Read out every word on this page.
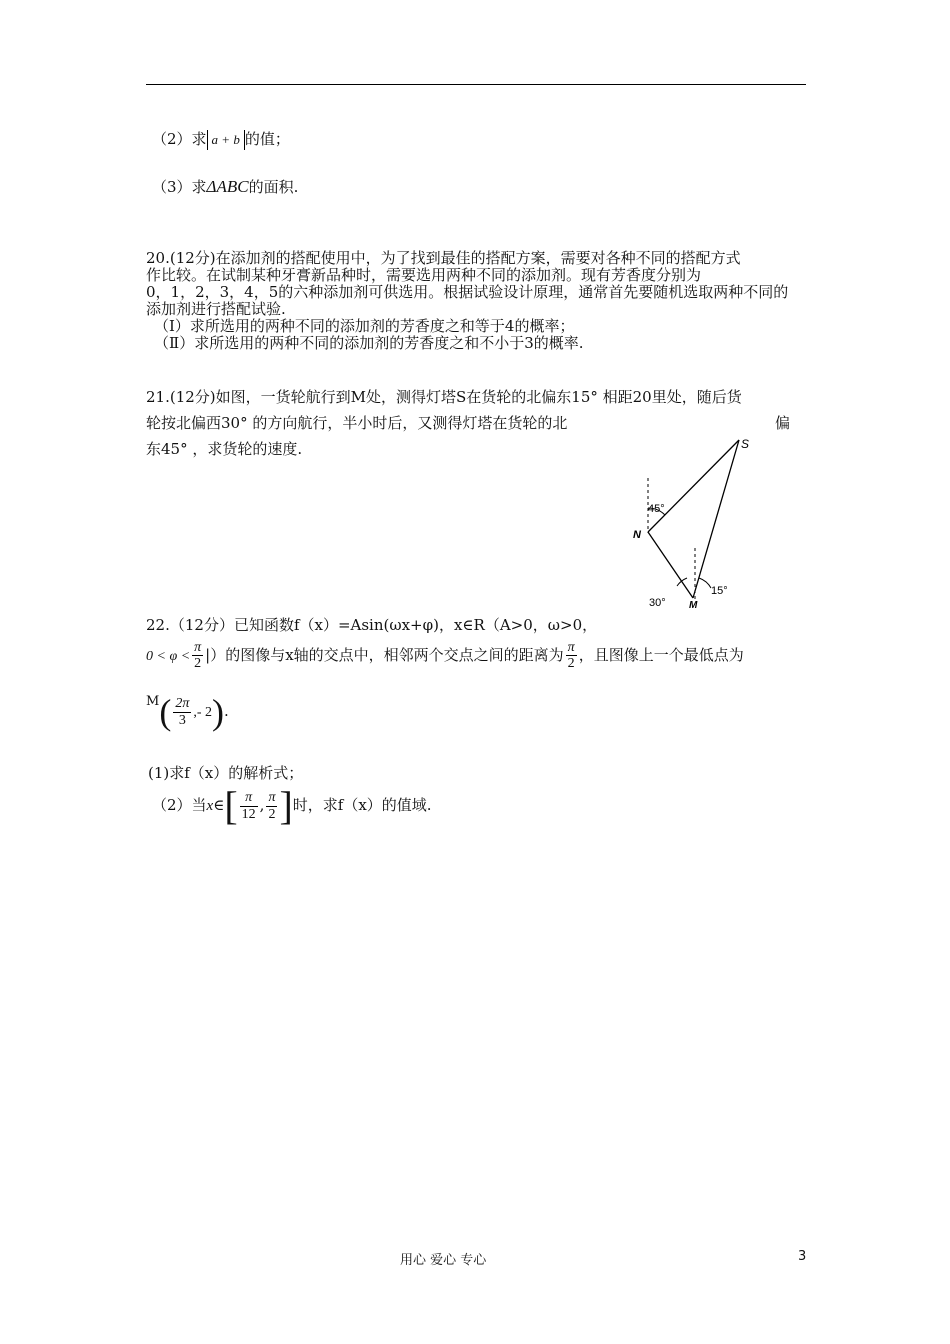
（2）求 a + b 的值；
（3）求ΔABC的面积.
20.(12分)在添加剂的搭配使用中，为了找到最佳的搭配方案，需要对各种不同的搭配方式
作比较。在试制某种牙膏新品种时，需要选用两种不同的添加剂。现有芳香度分别为
0，1，2，3，4，5的六种添加剂可供选用。根据试验设计原理，通常首先要随机选取两种不同的
添加剂进行搭配试验.
（Ⅰ）求所选用的两种不同的添加剂的芳香度之和等于4的概率；
（Ⅱ）求所选用的两种不同的添加剂的芳香度之和不小于3的概率.
21.(12分)如图，一货轮航行到M处，测得灯塔S在货轮的北偏东15° 相距20里处，随后货
轮按北偏西30° 的方向航行，半小时后，又测得灯塔在货轮的北	偏
东45° ，求货轮的速度.	S
N
M
45°
30°
15°
22.（12分）已知函数f（x）=Asin(ωx+φ)，x∈R（A>0，ω>0，
$0 < \varphi < \frac{\pi}{2}$ |）的图像与x轴的交点中，相邻两个交点之间的距离为 $\frac{\pi}{2}$ ，且图像上一个最低点为
$M( \frac{2\pi}{3}$ ,- 2).
(1)求f（x）的解析式；
（2）当x∈[ $\frac{\pi}{12}$ , $\frac{\pi}{2}$ ]时，求f（x）的值域.
用心 爱心 专心	3
